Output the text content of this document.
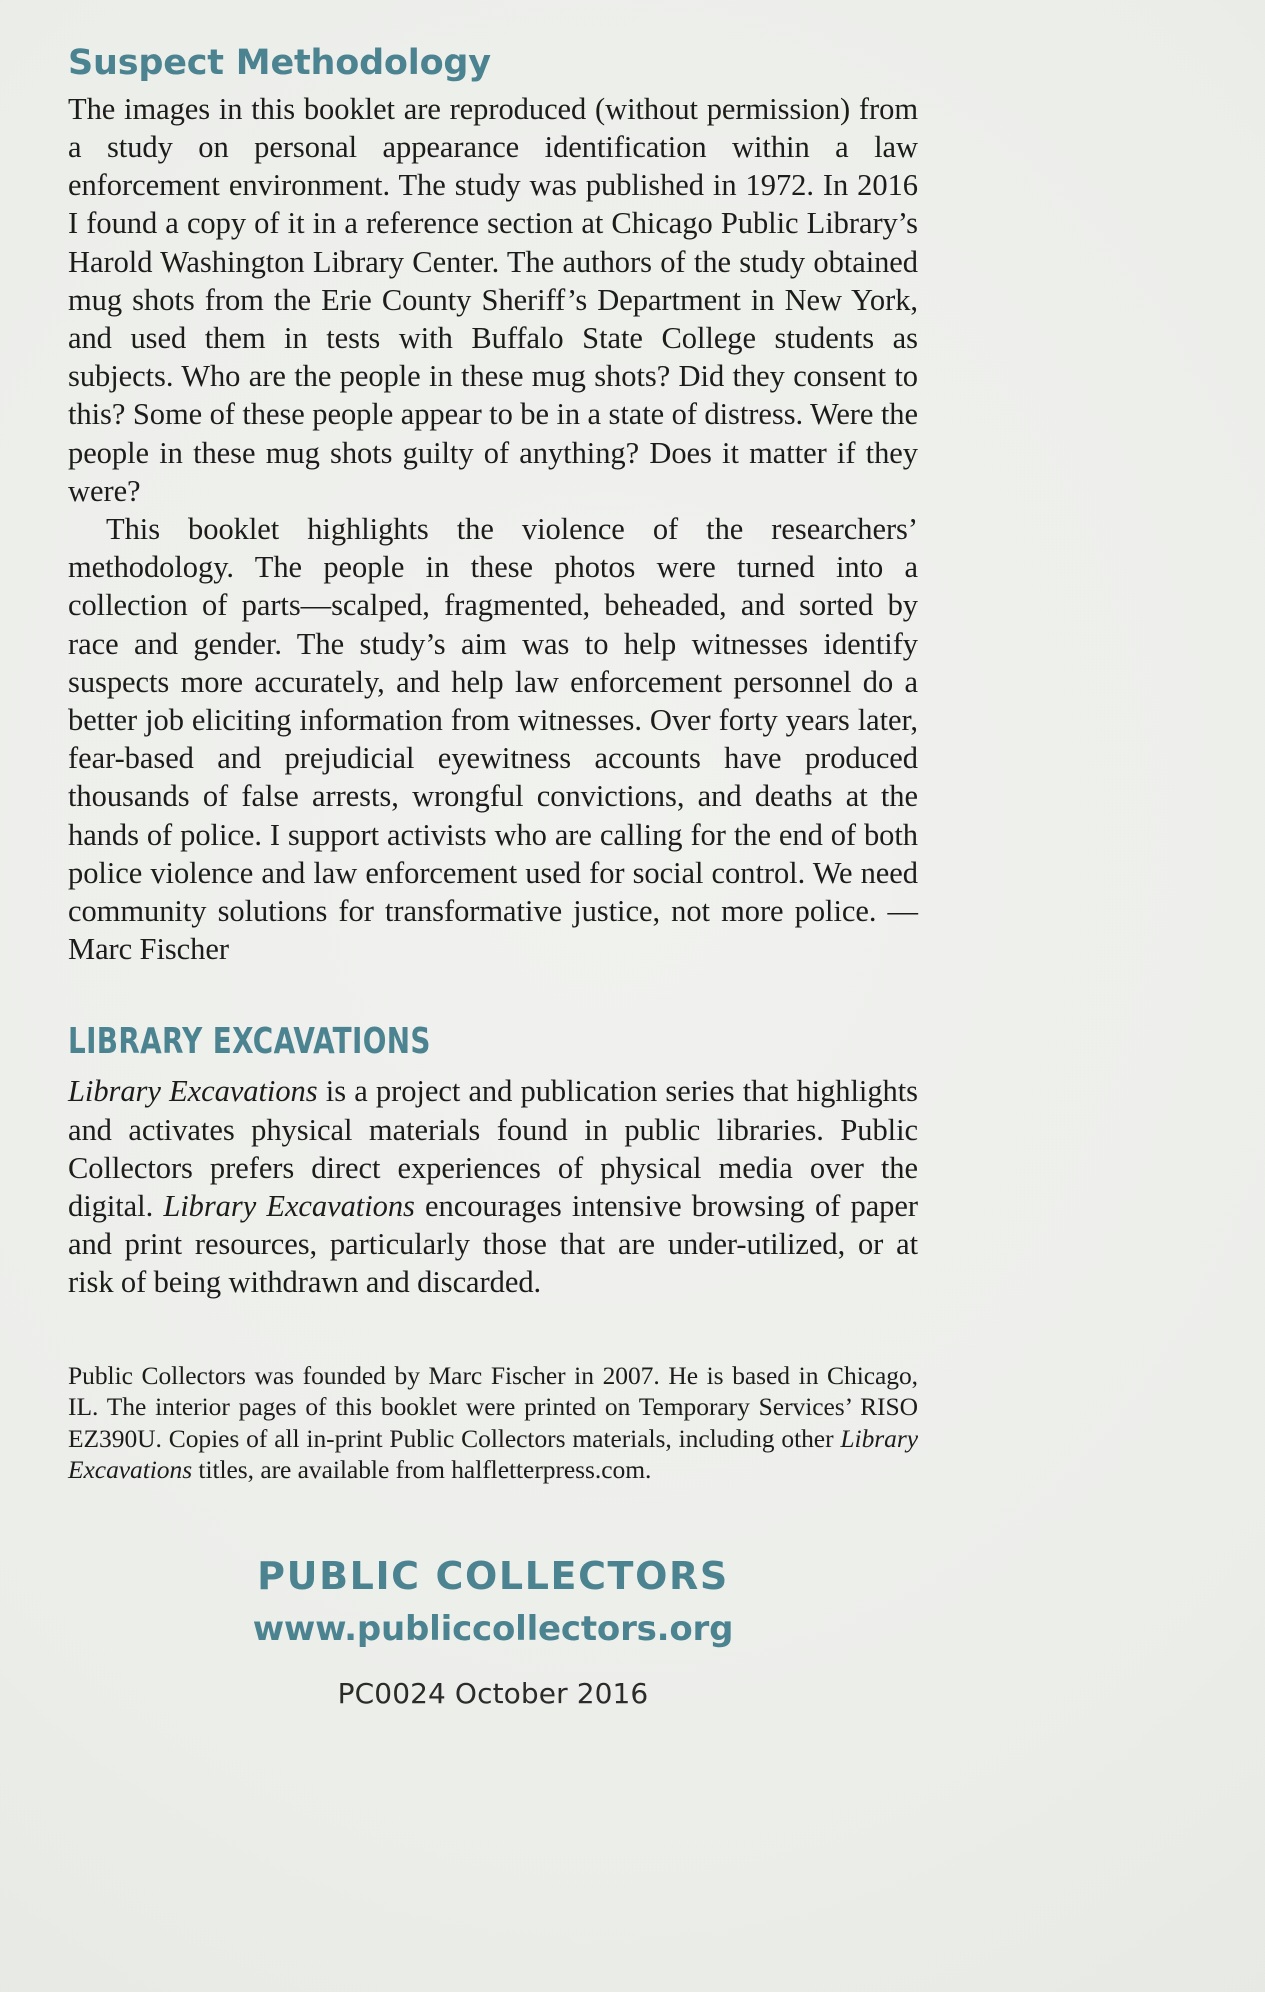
Suspect Methodology

The images in this booklet are reproduced (without permission) from a study on personal appearance identification within a law enforcement environment. The study was published in 1972. In 2016 I found a copy of it in a reference section at Chicago Public Library’s Harold Washington Library Center. The authors of the study obtained mug shots from the Erie County Sheriff’s Department in New York, and used them in tests with Buffalo State College students as subjects. Who are the people in these mug shots? Did they consent to this? Some of these people appear to be in a state of distress. Were the people in these mug shots guilty of anything? Does it matter if they were?

This booklet highlights the violence of the researchers’ methodology. The people in these photos were turned into a collection of parts—scalped, fragmented, beheaded, and sorted by race and gender. The study’s aim was to help witnesses identify suspects more accurately, and help law enforcement personnel do a better job eliciting information from witnesses. Over forty years later, fear-based and prejudicial eyewitness accounts have produced thousands of false arrests, wrongful convictions, and deaths at the hands of police. I support activists who are calling for the end of both police violence and law enforcement used for social control. We need community solutions for transformative justice, not more police. — Marc Fischer

LIBRARY EXCAVATIONS

Library Excavations is a project and publication series that highlights and activates physical materials found in public libraries. Public Collectors prefers direct experiences of physical media over the digital. Library Excavations encourages intensive browsing of paper and print resources, particularly those that are under-utilized, or at risk of being withdrawn and discarded.

Public Collectors was founded by Marc Fischer in 2007. He is based in Chicago, IL. The interior pages of this booklet were printed on Temporary Services’ RISO EZ390U. Copies of all in-print Public Collectors materials, including other Library Excavations titles, are available from halfletterpress.com.

PUBLIC COLLECTORS
www.publiccollectors.org
PC0024 October 2016
